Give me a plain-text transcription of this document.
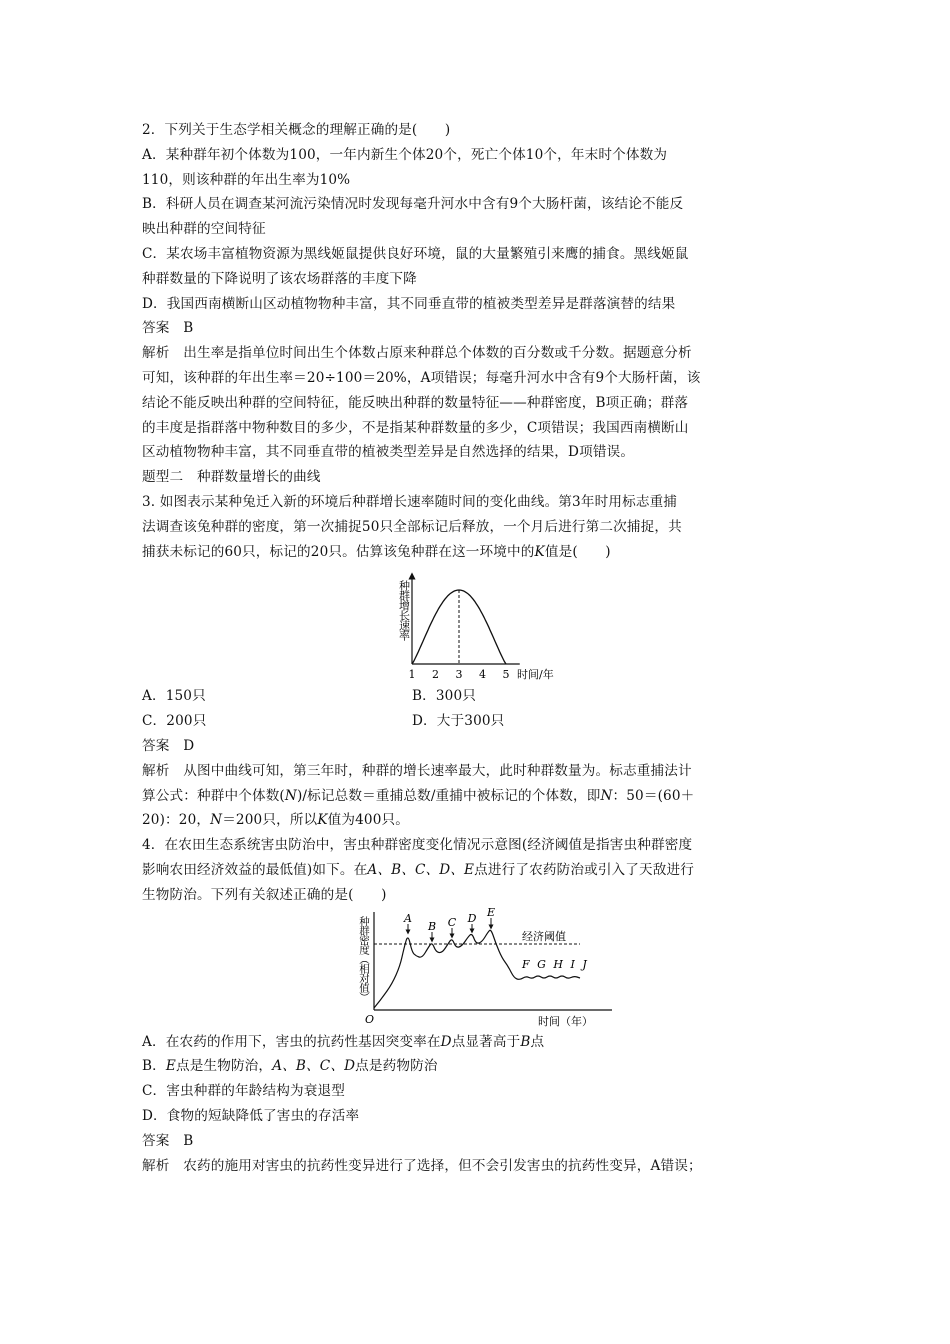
2．下列关于生态学相关概念的理解正确的是(　　)
A．某种群年初个体数为100，一年内新生个体20个，死亡个体10个，年末时个体数为
110，则该种群的年出生率为10%
B．科研人员在调查某河流污染情况时发现每毫升河水中含有9个大肠杆菌，该结论不能反
映出种群的空间特征
C．某农场丰富植物资源为黑线姬鼠提供良好环境，鼠的大量繁殖引来鹰的捕食。黑线姬鼠
种群数量的下降说明了该农场群落的丰度下降
D．我国西南横断山区动植物物种丰富，其不同垂直带的植被类型差异是群落演替的结果
答案　B
解析　出生率是指单位时间出生个体数占原来种群总个体数的百分数或千分数。据题意分析
可知，该种群的年出生率＝20÷100＝20%，A项错误；每毫升河水中含有9个大肠杆菌，该
结论不能反映出种群的空间特征，能反映出种群的数量特征——种群密度，B项正确；群落
的丰度是指群落中物种数目的多少，不是指某种群数量的多少，C项错误；我国西南横断山
区动植物物种丰富，其不同垂直带的植被类型差异是自然选择的结果，D项错误。
题型二　种群数量增长的曲线
3. 如图表示某种兔迁入新的环境后种群增长速率随时间的变化曲线。第3年时用标志重捕
法调查该兔种群的密度，第一次捕捉50只全部标记后释放，一个月后进行第二次捕捉，共
捕获未标记的60只，标记的20只。估算该兔种群在这一环境中的K值是(　　)
种群增长速率
1 2 3 4 5 时间/年
A．150只	B．300只
C．200只	D．大于300只
答案　D
解析　从图中曲线可知，第三年时，种群的增长速率最大，此时种群数量为。标志重捕法计
算公式：种群中个体数(N)/标记总数＝重捕总数/重捕中被标记的个体数，即N：50＝(60＋
20)：20，N＝200只，所以K值为400只。
4．在农田生态系统害虫防治中，害虫种群密度变化情况示意图(经济阈值是指害虫种群密度
影响农田经济效益的最低值)如下。在A、B、C、D、E点进行了农药防治或引入了天敌进行
生物防治。下列有关叙述正确的是(　　)
种群密度（相对值）
O	时间（年）
经济阈值
A
B C D E
F G H I J
A．在农药的作用下，害虫的抗药性基因突变率在D点显著高于B点
B．E点是生物防治，A、B、C、D点是药物防治
C．害虫种群的年龄结构为衰退型
D．食物的短缺降低了害虫的存活率
答案　B
解析　农药的施用对害虫的抗药性变异进行了选择，但不会引发害虫的抗药性变异，A错误；
